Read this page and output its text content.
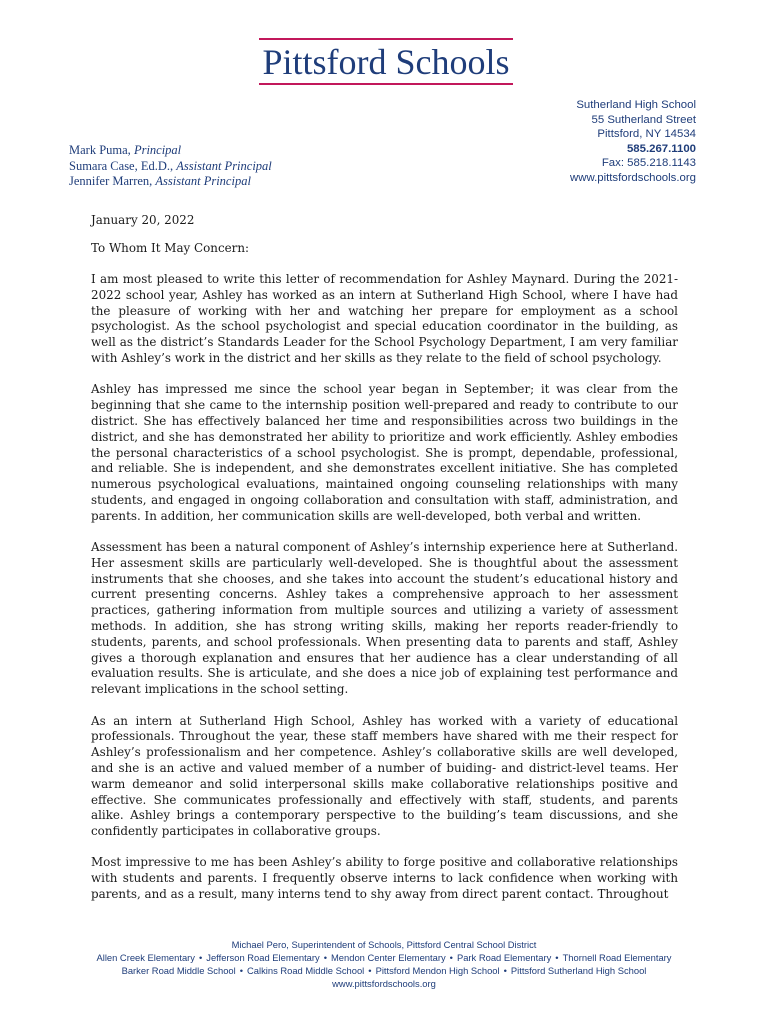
Pittsford Schools
Sutherland High School
55 Sutherland Street
Pittsford, NY 14534
585.267.1100
Fax: 585.218.1143
www.pittsfordschools.org
Mark Puma, Principal
Sumara Case, Ed.D., Assistant Principal
Jennifer Marren, Assistant Principal

January 20, 2022

To Whom It May Concern:

I am most pleased to write this letter of recommendation for Ashley Maynard. During the 2021-2022 school year, Ashley has worked as an intern at Sutherland High School, where I have had the pleasure of working with her and watching her prepare for employment as a school psychologist. As the school psychologist and special education coordinator in the building, as well as the district’s Standards Leader for the School Psychology Department, I am very familiar with Ashley’s work in the district and her skills as they relate to the field of school psychology.

Ashley has impressed me since the school year began in September; it was clear from the beginning that she came to the internship position well-prepared and ready to contribute to our district. She has effectively balanced her time and responsibilities across two buildings in the district, and she has demonstrated her ability to prioritize and work efficiently. Ashley embodies the personal characteristics of a school psychologist. She is prompt, dependable, professional, and reliable. She is independent, and she demonstrates excellent initiative. She has completed numerous psychological evaluations, maintained ongoing counseling relationships with many students, and engaged in ongoing collaboration and consultation with staff, administration, and parents. In addition, her communication skills are well-developed, both verbal and written.

Assessment has been a natural component of Ashley’s internship experience here at Sutherland. Her assesment skills are particularly well-developed. She is thoughtful about the assessment instruments that she chooses, and she takes into account the student’s educational history and current presenting concerns. Ashley takes a comprehensive approach to her assessment practices, gathering information from multiple sources and utilizing a variety of assessment methods. In addition, she has strong writing skills, making her reports reader-friendly to students, parents, and school professionals. When presenting data to parents and staff, Ashley gives a thorough explanation and ensures that her audience has a clear understanding of all evaluation results. She is articulate, and she does a nice job of explaining test performance and relevant implications in the school setting.

As an intern at Sutherland High School, Ashley has worked with a variety of educational professionals. Throughout the year, these staff members have shared with me their respect for Ashley’s professionalism and her competence. Ashley’s collaborative skills are well developed, and she is an active and valued member of a number of buiding- and district-level teams. Her warm demeanor and solid interpersonal skills make collaborative relationships positive and effective. She communicates professionally and effectively with staff, students, and parents alike. Ashley brings a contemporary perspective to the building’s team discussions, and she confidently participates in collaborative groups.

Most impressive to me has been Ashley’s ability to forge positive and collaborative relationships with students and parents. I frequently observe interns to lack confidence when working with parents, and as a result, many interns tend to shy away from direct parent contact. Throughout

Michael Pero, Superintendent of Schools, Pittsford Central School District
Allen Creek Elementary • Jefferson Road Elementary • Mendon Center Elementary • Park Road Elementary • Thornell Road Elementary
Barker Road Middle School • Calkins Road Middle School • Pittsford Mendon High School • Pittsford Sutherland High School
www.pittsfordschools.org
